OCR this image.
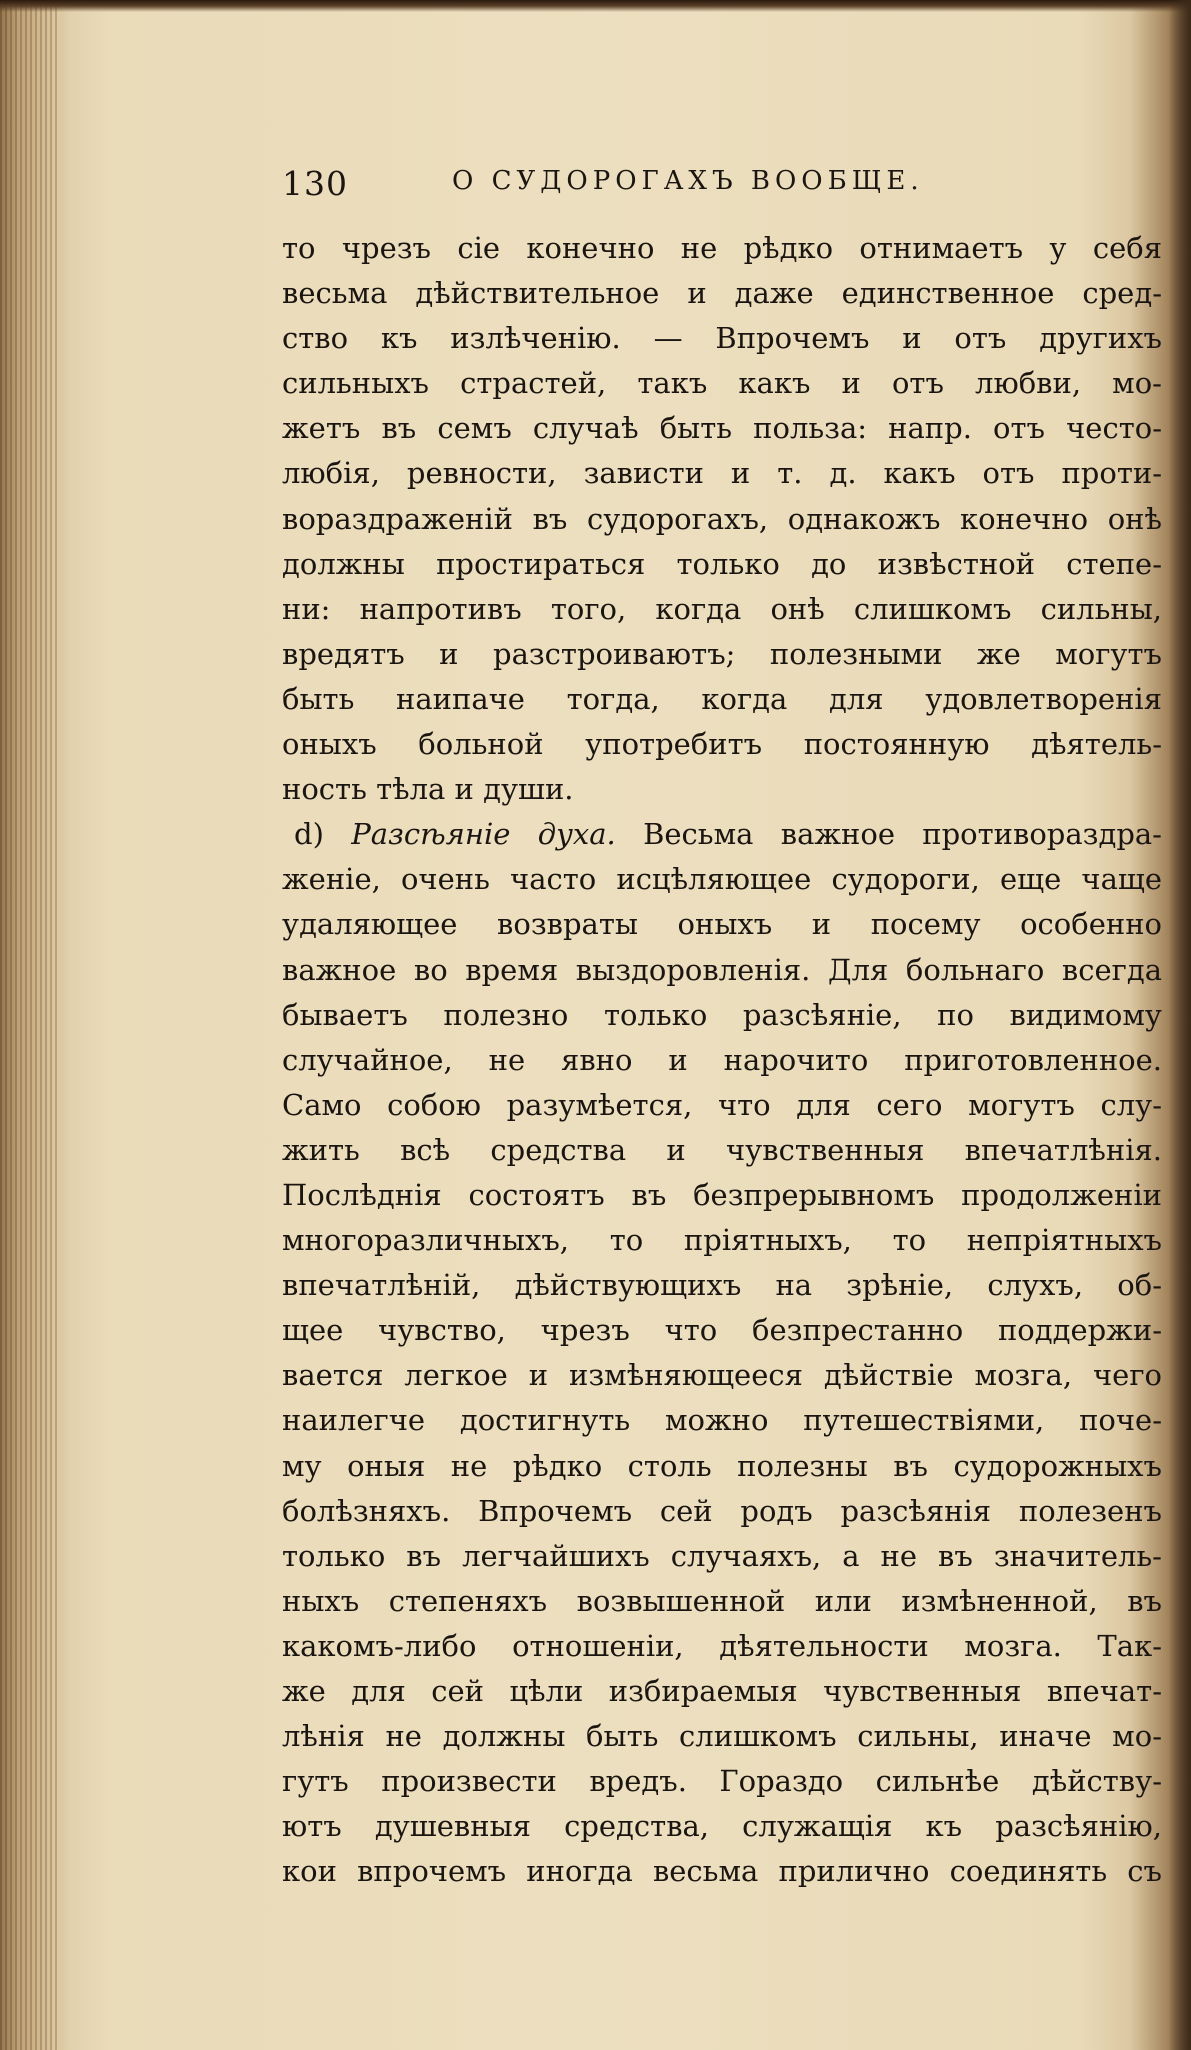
130	О СУДОРОГАХЪ ВООБЩЕ.
то чрезъ сіе конечно не рѣдко отнимаетъ у себя
весьма дѣйствительное и даже единственное сред-
ство къ излѣченію. — Впрочемъ и отъ другихъ
сильныхъ страстей, такъ какъ и отъ любви, мо-
жетъ въ семъ случаѣ быть польза: напр. отъ често-
любія, ревности, зависти и т. д. какъ отъ проти-
вораздраженій въ судорогахъ, однакожъ конечно онѣ
должны простираться только до извѣстной степе-
ни: напротивъ того, когда онѣ слишкомъ сильны,
вредятъ и разстроиваютъ; полезными же могутъ
быть наипаче тогда, когда для удовлетворенія
оныхъ больной употребитъ постоянную дѣятель-
ность тѣла и души.
d) Разсѣяніе духа. Весьма важное противораздра-
женіе, очень часто исцѣляющее судороги, еще чаще
удаляющее возвраты оныхъ и посему особенно
важное во время выздоровленія. Для больнаго всегда
бываетъ полезно только разсѣяніе, по видимому
случайное, не явно и нарочито приготовленное.
Само собою разумѣется, что для сего могутъ слу-
жить всѣ средства и чувственныя впечатлѣнія.
Послѣднія состоятъ въ безпрерывномъ продолженіи
многоразличныхъ, то пріятныхъ, то непріятныхъ
впечатлѣній, дѣйствующихъ на зрѣніе, слухъ, об-
щее чувство, чрезъ что безпрестанно поддержи-
вается легкое и измѣняющееся дѣйствіе мозга, чего
наилегче достигнуть можно путешествіями, почe-
му оныя не рѣдко столь полезны въ судорожныхъ
болѣзняхъ. Впрочемъ сей родъ разсѣянія полезенъ
только въ легчайшихъ случаяхъ, а не въ значитель-
ныхъ степеняхъ возвышенной или измѣненной, въ
какомъ-либо отношеніи, дѣятельности мозга. Так-
же для сей цѣли избираемыя чувственныя впечат-
лѣнія не должны быть слишкомъ сильны, иначе мо-
гутъ произвести вредъ. Гораздо сильнѣе дѣйству-
ютъ душевныя средства, служащія къ разсѣянію,
кои впрочемъ иногда весьма прилично соединять съ
